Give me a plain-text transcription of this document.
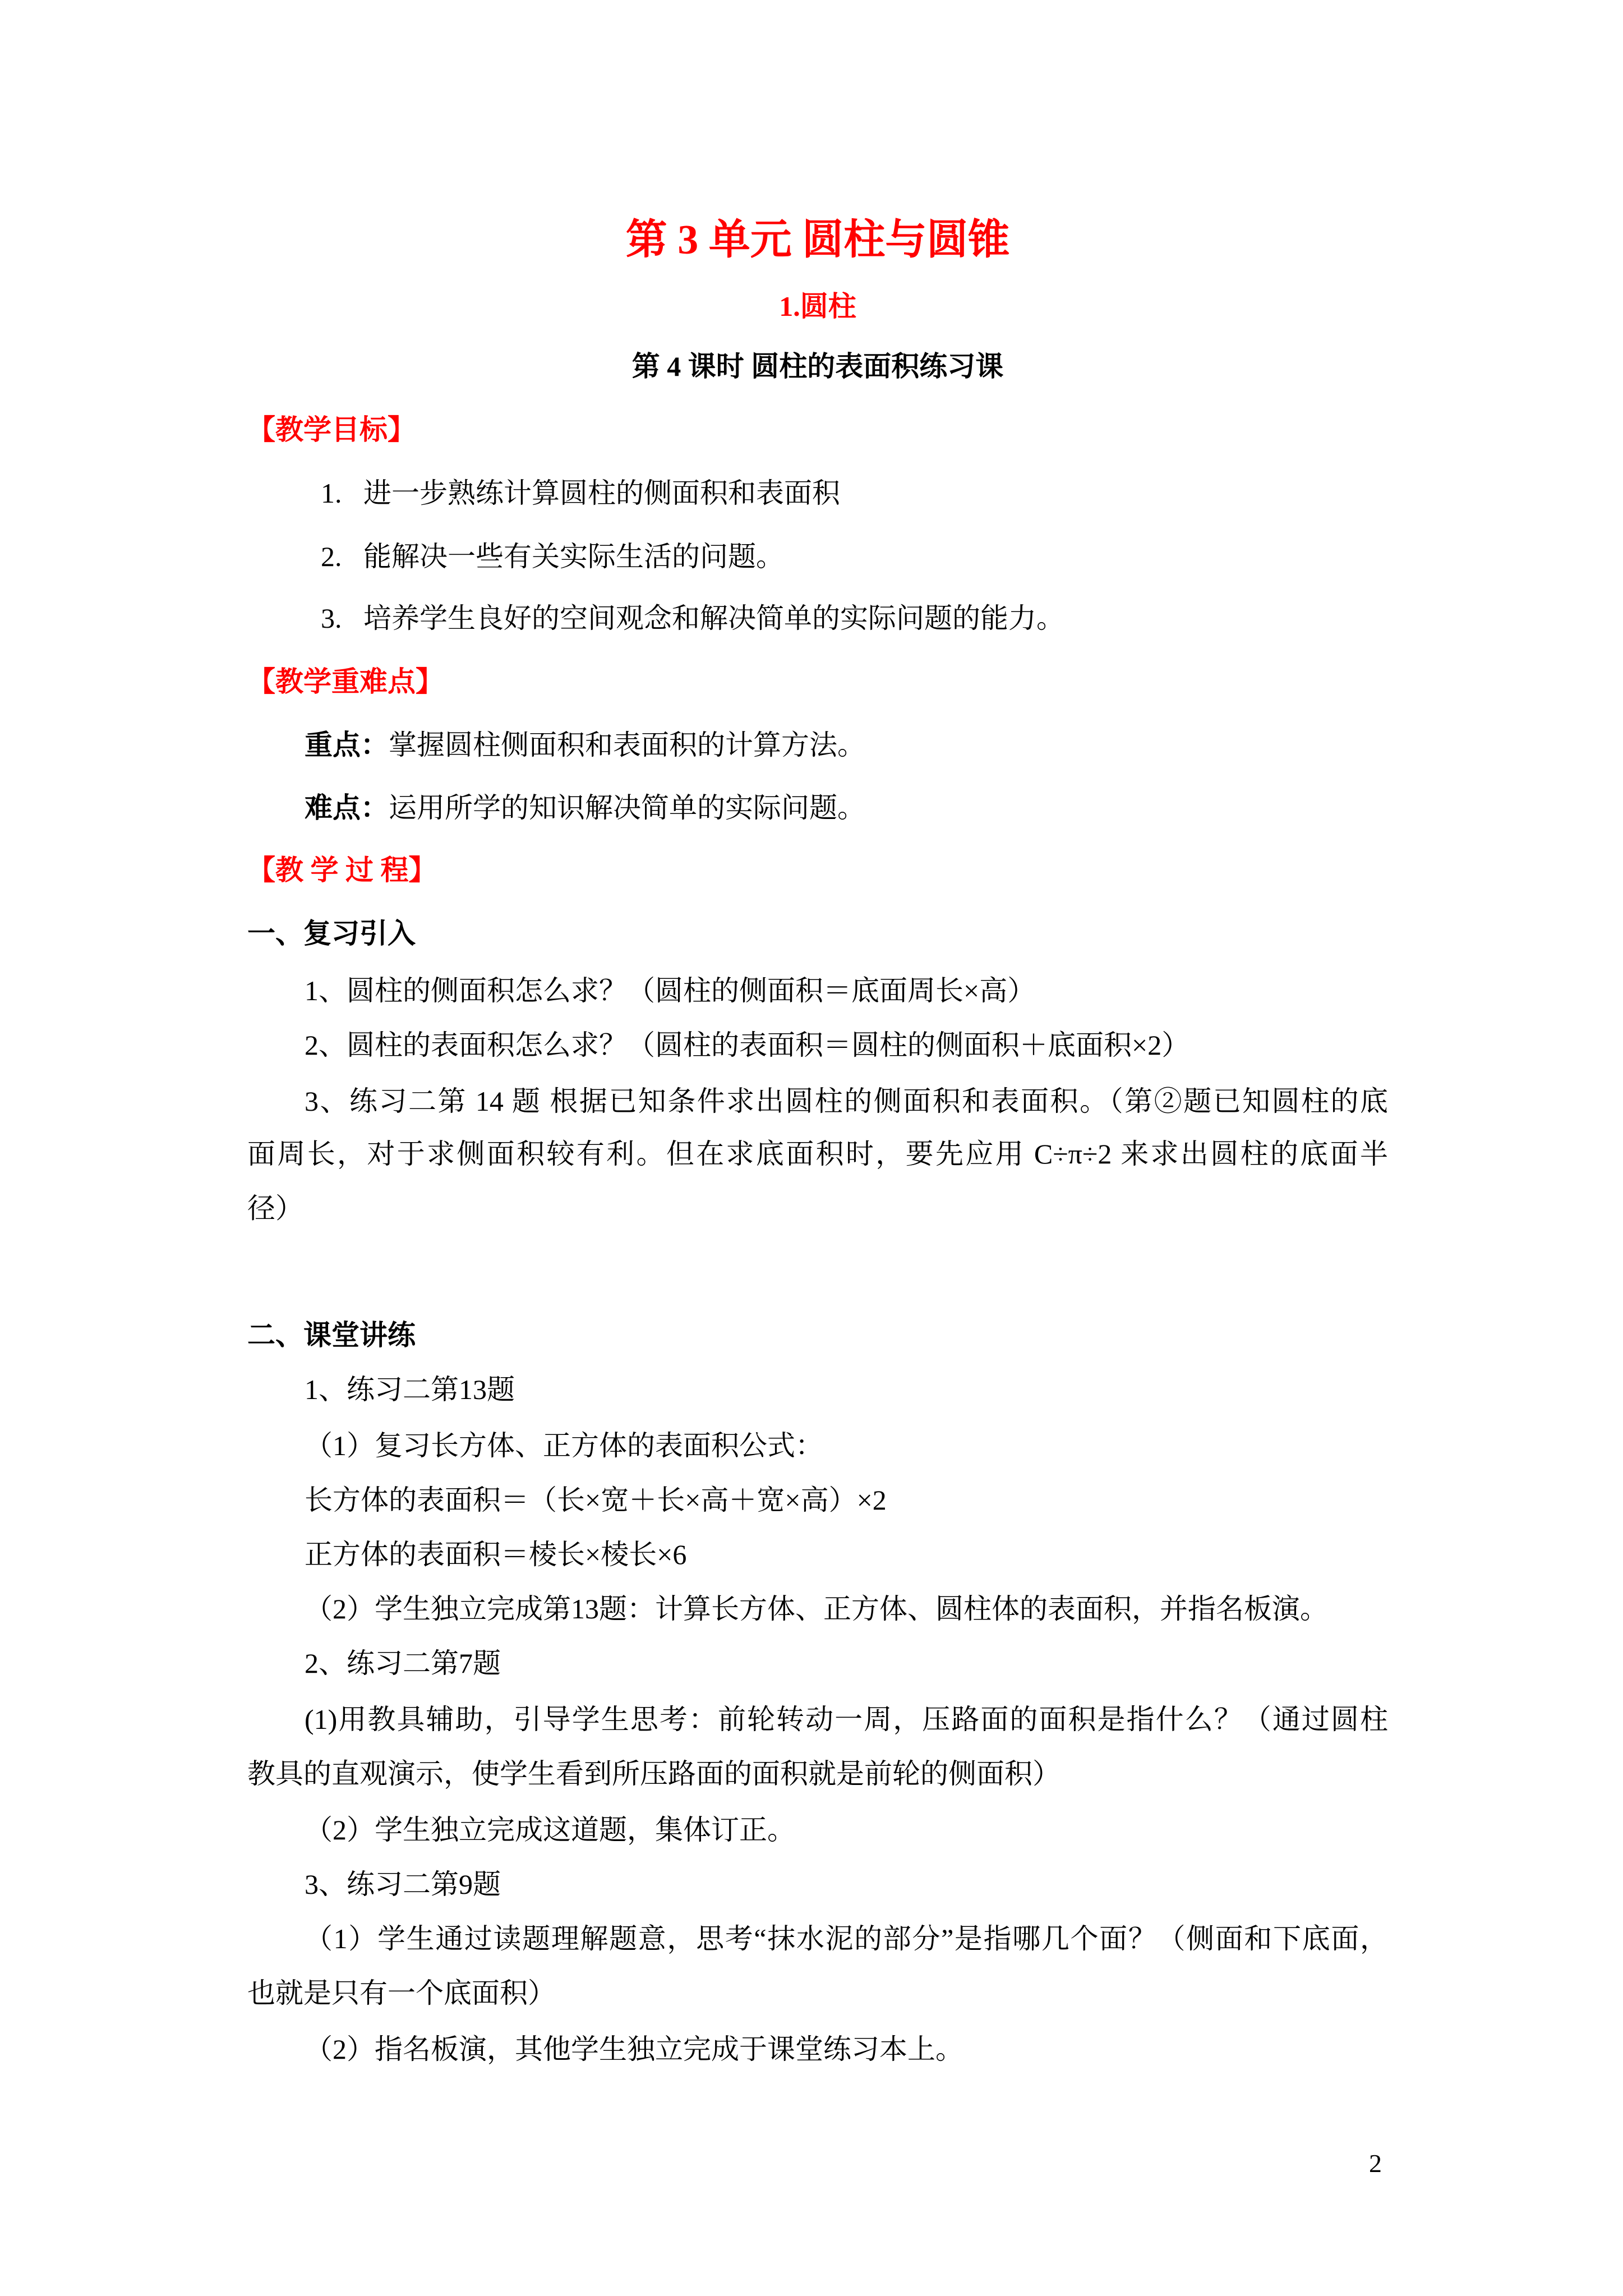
第 3 单元 圆柱与圆锥
1.圆柱
第 4 课时 圆柱的表面积练习课
【教学目标】
1. 进一步熟练计算圆柱的侧面积和表面积
2. 能解决一些有关实际生活的问题。
3. 培养学生良好的空间观念和解决简单的实际问题的能力。
【教学重难点】
重点：掌握圆柱侧面积和表面积的计算方法。
难点：运用所学的知识解决简单的实际问题。
【教 学 过 程】
一、复习引入
1、圆柱的侧面积怎么求？（圆柱的侧面积＝底面周长×高）
2、圆柱的表面积怎么求？（圆柱的表面积＝圆柱的侧面积＋底面积×2）
3、练习二第 14 题 根据已知条件求出圆柱的侧面积和表面积。（第②题已知圆柱的底
面周长，对于求侧面积较有利。但在求底面积时，要先应用 C÷π÷2 来求出圆柱的底面半
径）
二、课堂讲练
1、练习二第13题
（1）复习长方体、正方体的表面积公式：
长方体的表面积＝（长×宽＋长×高＋宽×高）×2
正方体的表面积＝棱长×棱长×6
（2）学生独立完成第13题：计算长方体、正方体、圆柱体的表面积，并指名板演。
2、练习二第7题
(1)用教具辅助，引导学生思考：前轮转动一周，压路面的面积是指什么？（通过圆柱
教具的直观演示，使学生看到所压路面的面积就是前轮的侧面积）
（2）学生独立完成这道题，集体订正。
3、练习二第9题
（1）学生通过读题理解题意，思考“抹水泥的部分”是指哪几个面？（侧面和下底面，
也就是只有一个底面积）
（2）指名板演，其他学生独立完成于课堂练习本上。
2
